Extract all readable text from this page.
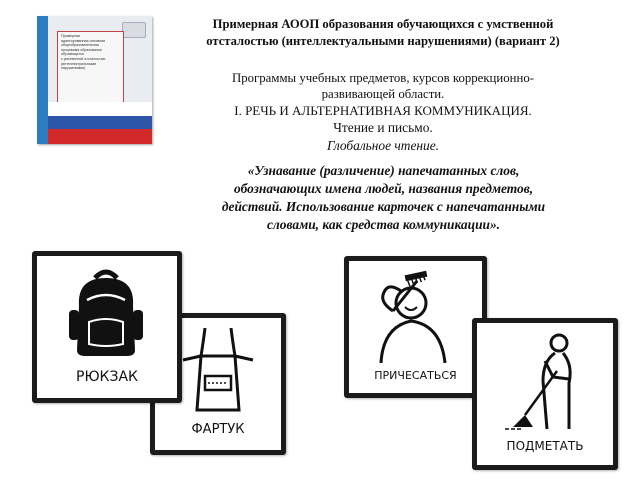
Примерная
адаптированная основная
общеобразовательная
программа образования
обучающихся
с умственной отсталостью
(интеллектуальными
нарушениями)
Примерная АООП образования обучающихся с умственной
отсталостью (интеллектуальными нарушениями) (вариант 2)
Программы учебных предметов, курсов коррекционно-
развивающей области.
I. РЕЧЬ И АЛЬТЕРНАТИВНАЯ КОММУНИКАЦИЯ.
Чтение и письмо.
Глобальное чтение.
«Узнавание (различение) напечатанных слов,
обозначающих имена людей, названия предметов,
действий. Использование карточек с напечатанными
словами, как средства коммуникации».
ФАРТУК
РЮКЗАК	ПРИЧЕСАТЬСЯ
ПОДМЕТАТЬ
